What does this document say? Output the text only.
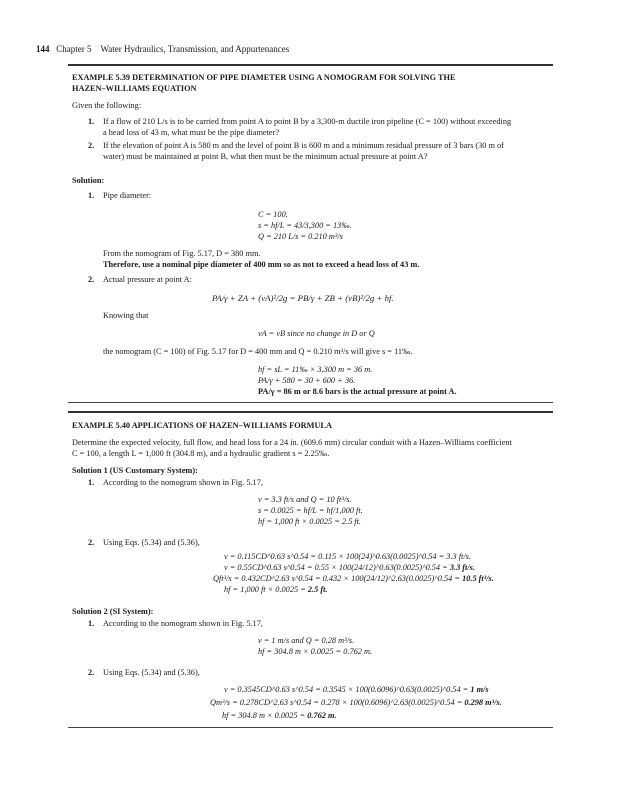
144 Chapter 5 Water Hydraulics, Transmission, and Appurtenances
EXAMPLE 5.39 DETERMINATION OF PIPE DIAMETER USING A NOMOGRAM FOR SOLVING THE
HAZEN–WILLIAMS EQUATION
Given the following:
1. If a flow of 210 L/s is to be carried from point A to point B by a 3,300-m ductile iron pipeline (C = 100) without exceeding
a head loss of 43 m, what must be the pipe diameter?
2. If the elevation of point A is 580 m and the level of point B is 600 m and a minimum residual pressure of 3 bars (30 m of
water) must be maintained at point B, what then must be the minimum actual pressure at point A?
Solution:
1. Pipe diameter:
C = 100.
s = hf/L = 43/3,300 = 13‰.
Q = 210 L/s = 0.210 m³/s
From the nomogram of Fig. 5.17, D = 380 mm.
Therefore, use a nominal pipe diameter of 400 mm so as not to exceed a head loss of 43 m.
2. Actual pressure at point A:
PA/γ + ZA + (vA)²/2g = PB/γ + ZB + (vB)²/2g + hf.
Knowing that
vA = vB since no change in D or Q
the nomogram (C = 100) of Fig. 5.17 for D = 400 mm and Q = 0.210 m³/s will give s = 11‰.
hf = sL = 11‰ × 3,300 m = 36 m.
PA/γ + 580 = 30 + 600 + 36.
PA/γ = 86 m or 8.6 bars is the actual pressure at point A.
EXAMPLE 5.40 APPLICATIONS OF HAZEN–WILLIAMS FORMULA
Determine the expected velocity, full flow, and head loss for a 24 in. (609.6 mm) circular conduit with a Hazen–Williams coefficient
C = 100, a length L = 1,000 ft (304.8 m), and a hydraulic gradient s = 2.25‰.
Solution 1 (US Customary System):
1. According to the nomogram shown in Fig. 5.17,
v = 3.3 ft/s and Q = 10 ft³/s.
s = 0.0025 = hf/L = hf/1,000 ft.
hf = 1,000 ft × 0.0025 = 2.5 ft.
2. Using Eqs. (5.34) and (5.36),
v = 0.115CD^0.63 s^0.54 = 0.115 × 100(24)^0.63(0.0025)^0.54 = 3.3 ft/s.
v = 0.55CD^0.63 s^0.54 = 0.55 × 100(24/12)^0.63(0.0025)^0.54 = 3.3 ft/s.
Qft³/s = 0.432CD^2.63 s^0.54 = 0.432 × 100(24/12)^2.63(0.0025)^0.54 = 10.5 ft³/s.
hf = 1,000 ft × 0.0025 = 2.5 ft.
Solution 2 (SI System):
1. According to the nomogram shown in Fig. 5.17,
v = 1 m/s and Q = 0.28 m³/s.
hf = 304.8 m × 0.0025 = 0.762 m.
2. Using Eqs. (5.34) and (5.36),
v = 0.3545CD^0.63 s^0.54 = 0.3545 × 100(0.6096)^0.63(0.0025)^0.54 = 1 m/s
Qm³/s = 0.278CD^2.63 s^0.54 = 0.278 × 100(0.6096)^2.63(0.0025)^0.54 = 0.298 m³/s.
hf = 304.8 m × 0.0025 = 0.762 m.
